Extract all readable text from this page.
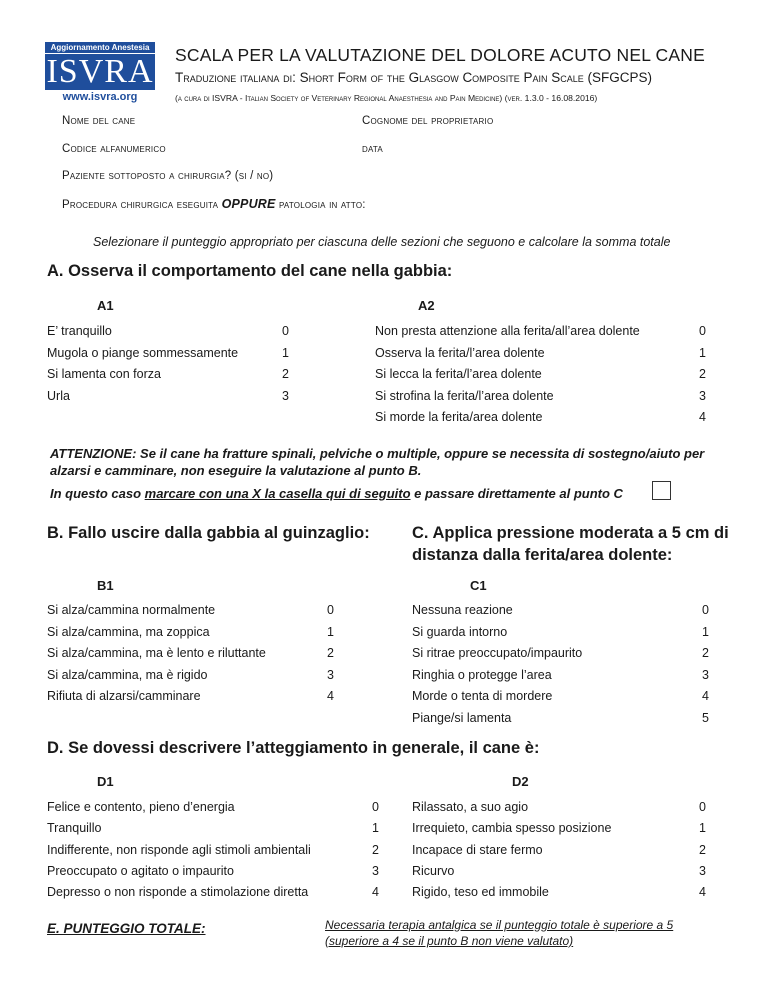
Aggiornamento Anestesia
ISVRA
www.isvra.org
SCALA PER LA VALUTAZIONE DEL DOLORE ACUTO NEL CANE
Traduzione italiana di: Short Form of the Glasgow Composite Pain Scale (SFGCPS)
(a cura di ISVRA - Italian Society of Veterinary Regional Anaesthesia and Pain Medicine) (ver. 1.3.0 - 16.08.2016)
Nome del cane	Cognome del proprietario
Codice alfanumerico	data
Paziente sottoposto a chirurgia? (si / no)
Procedura chirurgica eseguita OPPURE patologia in atto:
Selezionare il punteggio appropriato per ciascuna delle sezioni che seguono e calcolare la somma totale
A. Osserva il comportamento del cane nella gabbia:
A1	A2
E’ tranquillo	0
Mugola o piange sommessamente	1
Si lamenta con forza	2
Urla	3
Non presta attenzione alla ferita/all’area dolente	0
Osserva la ferita/l’area dolente	1
Si lecca la ferita/l’area dolente	2
Si strofina la ferita/l’area dolente	3
Si morde la ferita/area dolente	4
ATTENZIONE: Se il cane ha fratture spinali, pelviche o multiple, oppure se necessita di sostegno/aiuto per alzarsi e camminare, non eseguire la valutazione al punto B.
In questo caso marcare con una X la casella qui di seguito e passare direttamente al punto C
B. Fallo uscire dalla gabbia al guinzaglio:
B1
Si alza/cammina normalmente	0
Si alza/cammina, ma zoppica	1
Si alza/cammina, ma è lento e riluttante	2
Si alza/cammina, ma è rigido	3
Rifiuta di alzarsi/camminare	4
C. Applica pressione moderata a 5 cm di
distanza dalla ferita/area dolente:
C1
Nessuna reazione	0
Si guarda intorno	1
Si ritrae preoccupato/impaurito	2
Ringhia o protegge l’area	3
Morde o tenta di mordere	4
Piange/si lamenta	5
D. Se dovessi descrivere l’atteggiamento in generale, il cane è:
D1	D2
Felice e contento, pieno d’energia	0
Tranquillo	1
Indifferente, non risponde agli stimoli ambientali	2
Preoccupato o agitato o impaurito	3
Depresso o non risponde a stimolazione diretta	4
Rilassato, a suo agio	0
Irrequieto, cambia spesso posizione	1
Incapace di stare fermo	2
Ricurvo	3
Rigido, teso ed immobile	4
E. PUNTEGGIO TOTALE:	Necessaria terapia antalgica se il punteggio totale è superiore a 5
(superiore a 4 se il punto B non viene valutato)
